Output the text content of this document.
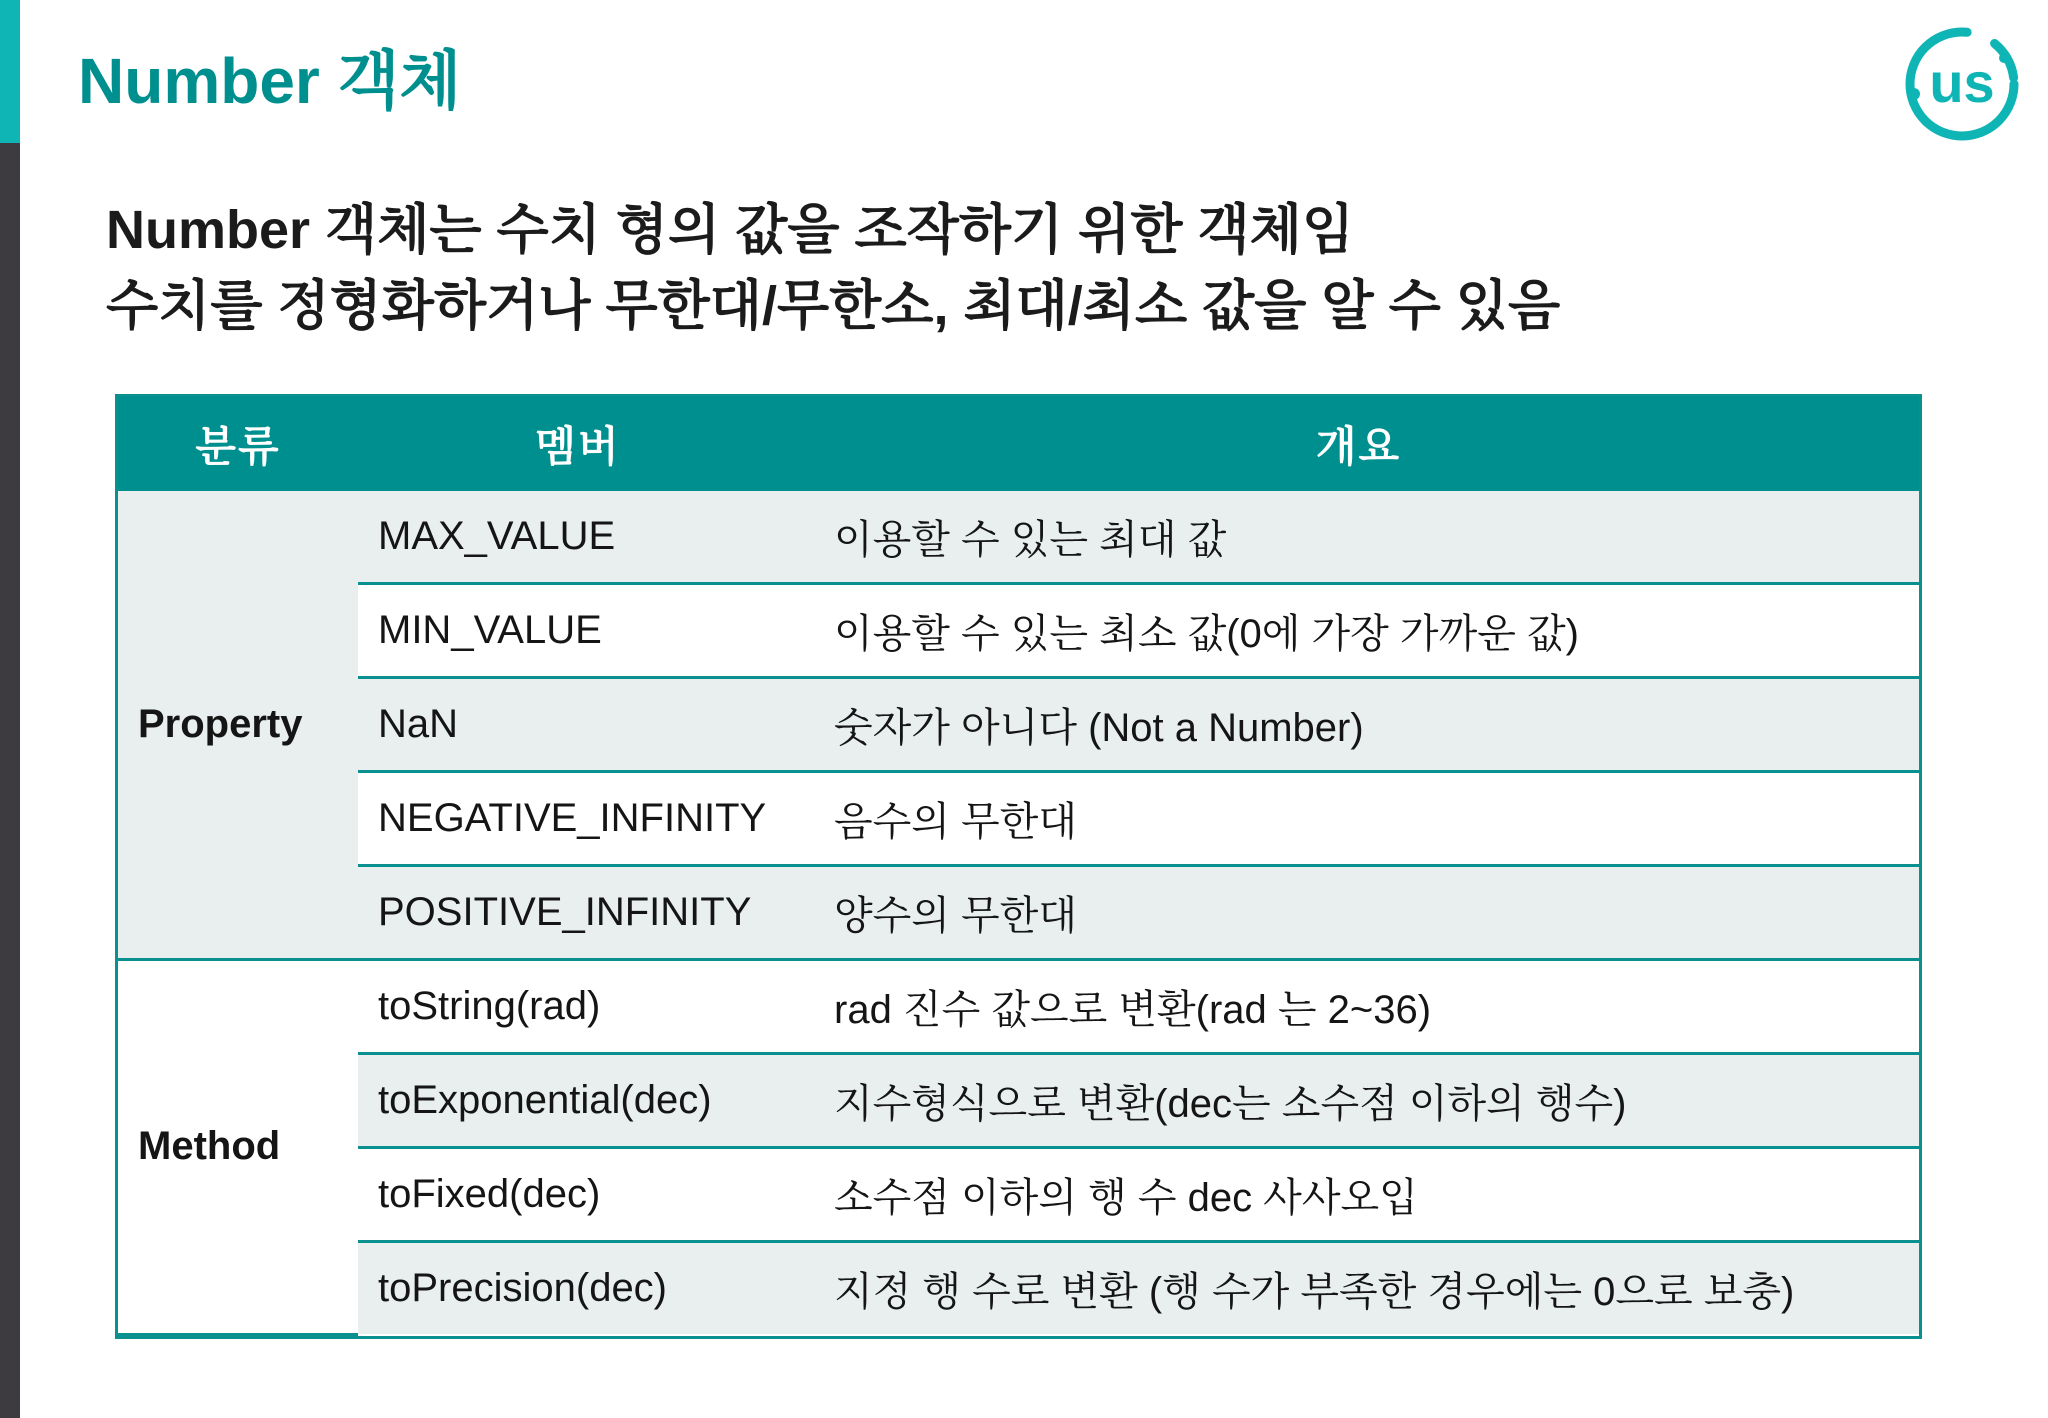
Number 객체	us
Number 객체는 수치 형의 값을 조작하기 위한 객체임
수치를 정형화하거나 무한대/무한소, 최대/최소 값을 알 수 있음
분류	멤버	개요
Property	MAX_VALUE	이용할 수 있는 최대 값
	MIN_VALUE	이용할 수 있는 최소 값(0에 가장 가까운 값)
	NaN	숫자가 아니다 (Not a Number)
	NEGATIVE_INFINITY	음수의 무한대
	POSITIVE_INFINITY	양수의 무한대
Method	toString(rad)	rad 진수 값으로 변환(rad 는 2~36)
	toExponential(dec)	지수형식으로 변환(dec는 소수점 이하의 행수)
	toFixed(dec)	소수점 이하의 행 수 dec 사사오입
	toPrecision(dec)	지정 행 수로 변환 (행 수가 부족한 경우에는 0으로 보충)
